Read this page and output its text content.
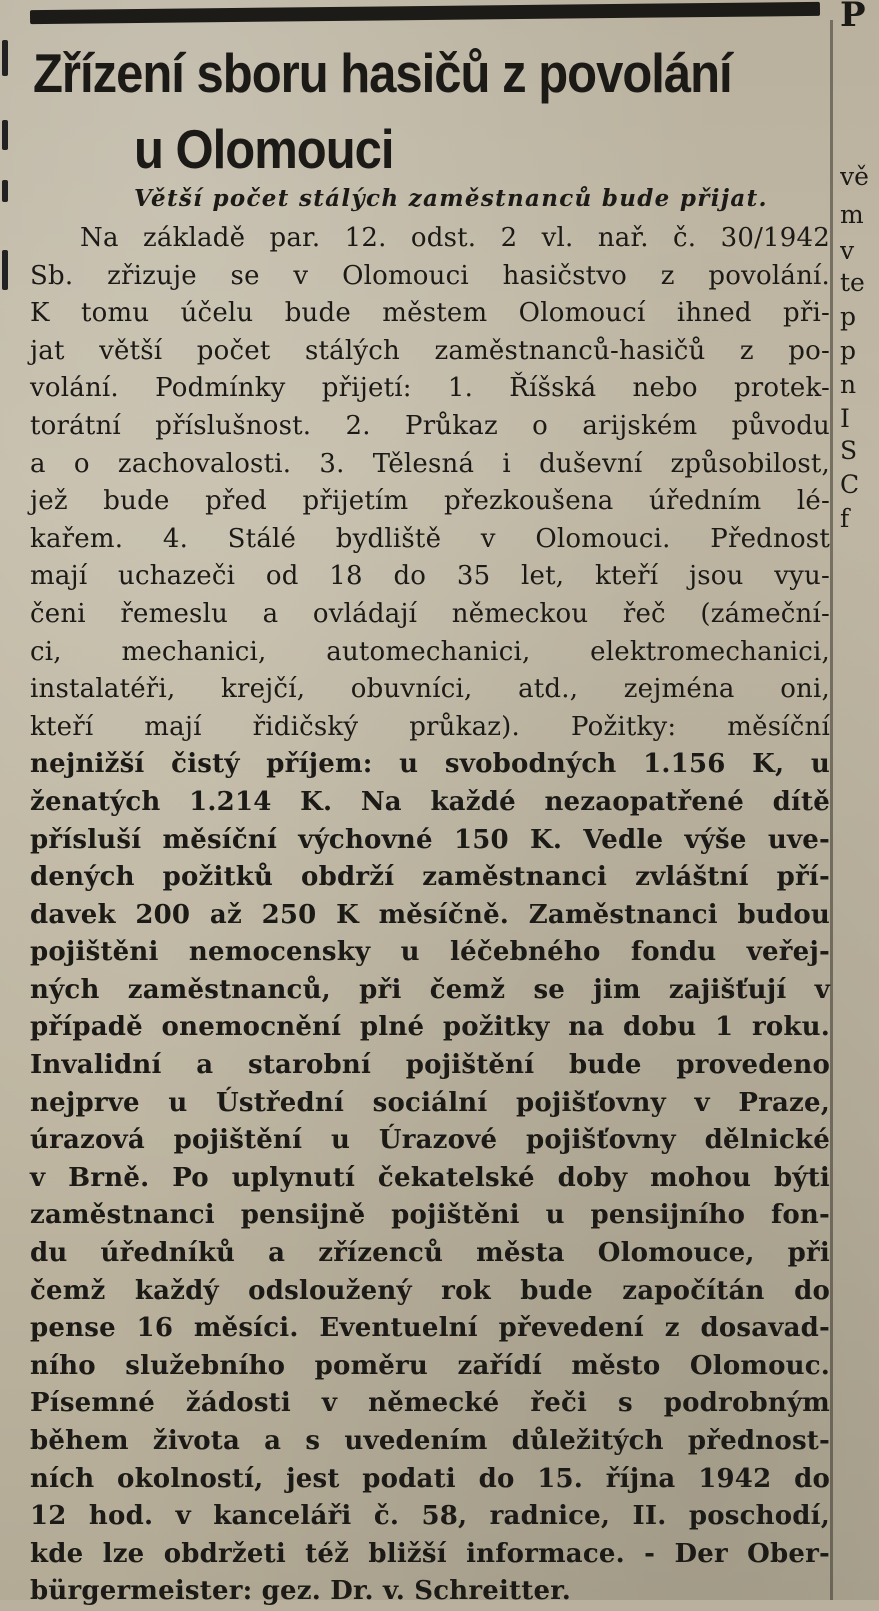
Zřízení sboru hasičů z povolání
u Olomouci
Větší počet stálých zaměstnanců bude přijat.
Na základě par. 12. odst. 2 vl. nař. č. 30/1942
Sb. zřizuje se v Olomouci hasičstvo z povolání.
K tomu účelu bude městem Olomoucí ihned při-
jat větší počet stálých zaměstnanců-hasičů z po-
volání. Podmínky přijetí: 1. Říšská nebo protek-
torátní příslušnost. 2. Průkaz o arijském původu
a o zachovalosti. 3. Tělesná i duševní způsobilost,
jež bude před přijetím přezkoušena úředním lé-
kařem. 4. Stálé bydliště v Olomouci. Přednost
mají uchazeči od 18 do 35 let, kteří jsou vyu-
čeni řemeslu a ovládají německou řeč (zámeční-
ci, mechanici, automechanici, elektromechanici,
instalatéři, krejčí, obuvníci, atd., zejména oni,
kteří mají řidičský průkaz). Požitky: měsíční
nejnižší čistý příjem: u svobodných 1.156 K, u
ženatých 1.214 K. Na každé nezaopatřené dítě
přísluší měsíční výchovné 150 K. Vedle výše uve-
dených požitků obdrží zaměstnanci zvláštní pří-
davek 200 až 250 K měsíčně. Zaměstnanci budou
pojištěni nemocensky u léčebného fondu veřej-
ných zaměstnanců, při čemž se jim zajišťují v
případě onemocnění plné požitky na dobu 1 roku.
Invalidní a starobní pojištění bude provedeno
nejprve u Ústřední sociální pojišťovny v Praze,
úrazová pojištění u Úrazové pojišťovny dělnické
v Brně. Po uplynutí čekatelské doby mohou býti
zaměstnanci pensijně pojištěni u pensijního fon-
du úředníků a zřízenců města Olomouce, při
čemž každý odsloužený rok bude započítán do
pense 16 měsíci. Eventuelní převedení z dosavad-
ního služebního poměru zařídí město Olomouc.
Písemné žádosti v německé řeči s podrobným
během života a s uvedením důležitých přednost-
ních okolností, jest podati do 15. října 1942 do
12 hod. v kanceláři č. 58, radnice, II. poschodí,
kde lze obdržeti též bližší informace. - Der Ober-
bürgermeister: gez. Dr. v. Schreitter.
P
vě
m
v
te
p
p
n
I
S
C
f
